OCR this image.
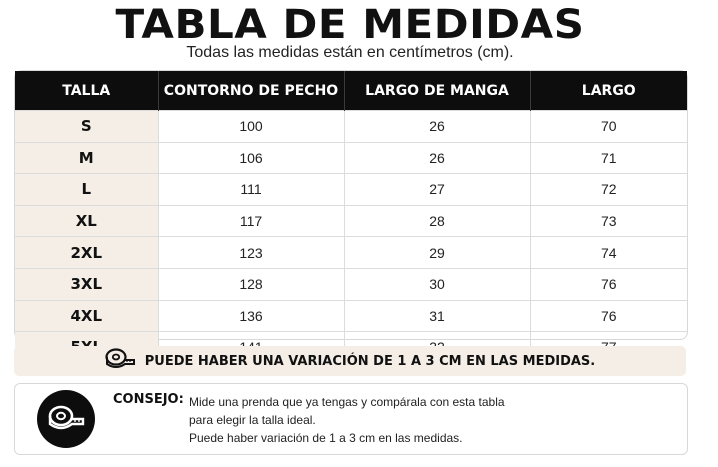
TABLA DE MEDIDAS
Todas las medidas están en centímetros (cm).
TALLA	CONTORNO DE PECHO	LARGO DE MANGA	LARGO
S	100	26	70
M	106	26	71
L	111	27	72
XL	117	28	73
2XL	123	29	74
3XL	128	30	76
4XL	136	31	76

PUEDE HABER UNA VARIACIÓN DE 1 A 3 CM EN LAS MEDIDAS.
CONSEJO: Mide una prenda que ya tengas y compárala con esta tabla
para elegir la talla ideal.
Puede haber variación de 1 a 3 cm en las medidas.
